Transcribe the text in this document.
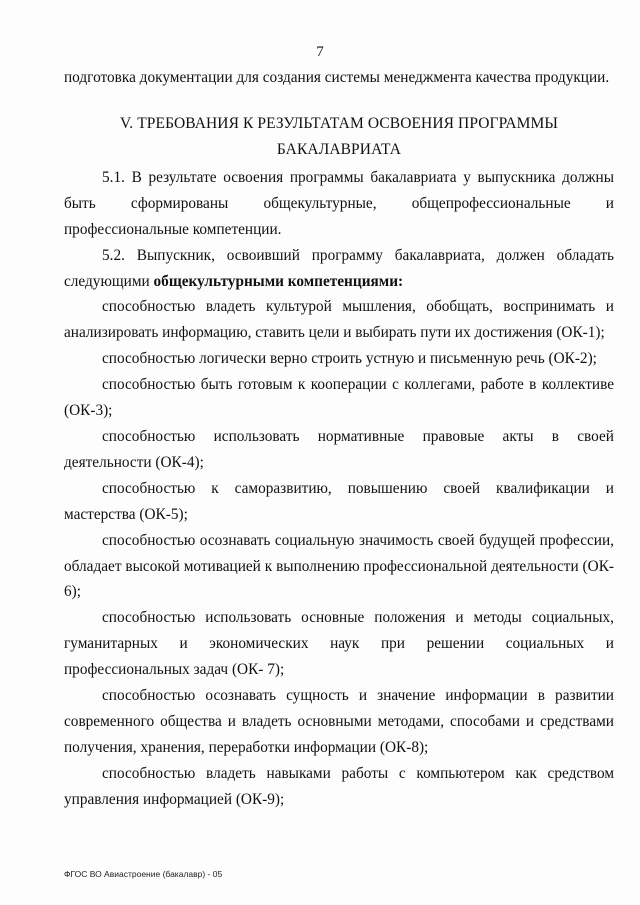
7

подготовка документации для создания системы менеджмента качества продукции.

V. ТРЕБОВАНИЯ К РЕЗУЛЬТАТАМ ОСВОЕНИЯ ПРОГРАММЫ
БАКАЛАВРИАТА

5.1. В результате освоения программы бакалавриата у выпускника должны быть сформированы общекультурные, общепрофессиональные и профессиональные компетенции.

5.2. Выпускник, освоивший программу бакалавриата, должен обладать следующими общекультурными компетенциями:

способностью владеть культурой мышления, обобщать, воспринимать и анализировать информацию, ставить цели и выбирать пути их достижения (ОК-1);

способностью логически верно строить устную и письменную речь (ОК-2);

способностью быть готовым к кооперации с коллегами, работе в коллективе (ОК-3);

способностью использовать нормативные правовые акты в своей деятельности (ОК-4);

способностью к саморазвитию, повышению своей квалификации и мастерства (ОК-5);

способностью осознавать социальную значимость своей будущей профессии, обладает высокой мотивацией к выполнению профессиональной деятельности (ОК- 6);

способностью использовать основные положения и методы социальных, гуманитарных и экономических наук при решении социальных и профессиональных задач (ОК- 7);

способностью осознавать сущность и значение информации в развитии современного общества и владеть основными методами, способами и средствами получения, хранения, переработки информации (ОК-8);

способностью владеть навыками работы с компьютером как средством управления информацией (ОК-9);

ФГОС ВО Авиастроение (бакалавр) - 05
